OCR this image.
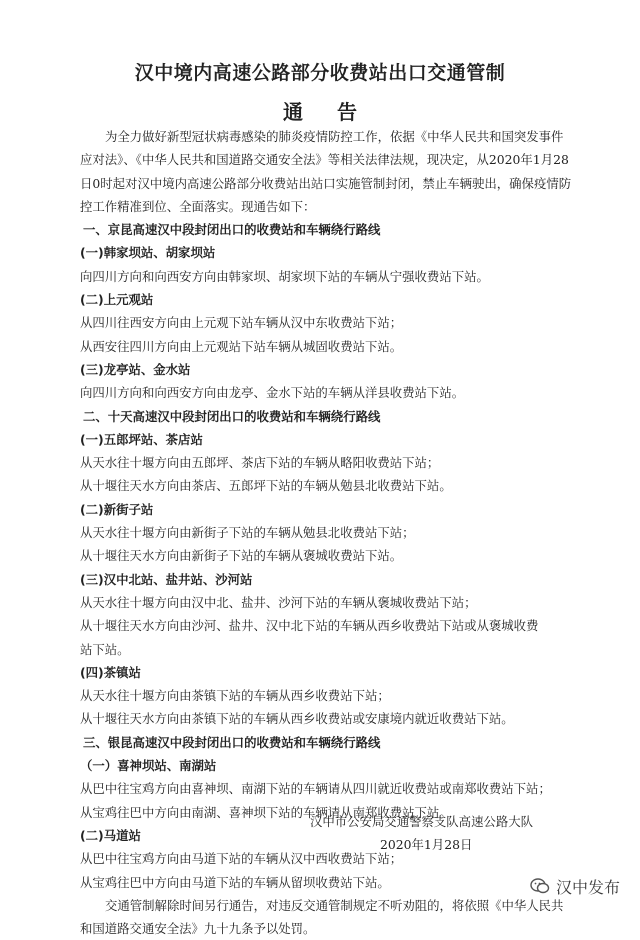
汉中境内高速公路部分收费站出口交通管制
通告
为全力做好新型冠状病毒感染的肺炎疫情防控工作，依据《中华人民共和国突发事件应对法》、《中华人民共和国道路交通安全法》等相关法律法规，现决定，从2020年1月28日0时起对汉中境内高速公路部分收费站出站口实施管制封闭，禁止车辆驶出，确保疫情防控工作精准到位、全面落实。现通告如下：
一、京昆高速汉中段封闭出口的收费站和车辆绕行路线
(一)韩家坝站、胡家坝站
向四川方向和向西安方向由韩家坝、胡家坝下站的车辆从宁强收费站下站。
(二)上元观站
从四川往西安方向由上元观下站车辆从汉中东收费站下站；
从西安往四川方向由上元观站下站车辆从城固收费站下站。
(三)龙亭站、金水站
向四川方向和向西安方向由龙亭、金水下站的车辆从洋县收费站下站。
二、十天高速汉中段封闭出口的收费站和车辆绕行路线
(一)五郎坪站、茶店站
从天水往十堰方向由五郎坪、茶店下站的车辆从略阳收费站下站；
从十堰往天水方向由茶店、五郎坪下站的车辆从勉县北收费站下站。
(二)新街子站
从天水往十堰方向由新街子下站的车辆从勉县北收费站下站；
从十堰往天水方向由新街子下站的车辆从褒城收费站下站。
(三)汉中北站、盐井站、沙河站
从天水往十堰方向由汉中北、盐井、沙河下站的车辆从褒城收费站下站；
从十堰往天水方向由沙河、盐井、汉中北下站的车辆从西乡收费站下站或从褒城收费
站下站。
(四)茶镇站
从天水往十堰方向由茶镇下站的车辆从西乡收费站下站；
从十堰往天水方向由茶镇下站的车辆从西乡收费站或安康境内就近收费站下站。
三、银昆高速汉中段封闭出口的收费站和车辆绕行路线
（一）喜神坝站、南湖站
从巴中往宝鸡方向由喜神坝、南湖下站的车辆请从四川就近收费站或南郑收费站下站；
从宝鸡往巴中方向由南湖、喜神坝下站的车辆请从南郑收费站下站。
(二)马道站
从巴中往宝鸡方向由马道下站的车辆从汉中西收费站下站；
从宝鸡往巴中方向由马道下站的车辆从留坝收费站下站。
交通管制解除时间另行通告，对违反交通管制规定不听劝阻的，将依照《中华人民共和国道路交通安全法》九十九条予以处罚。
汉中市公安局交通警察支队高速公路大队
2020年1月28日
汉中发布
